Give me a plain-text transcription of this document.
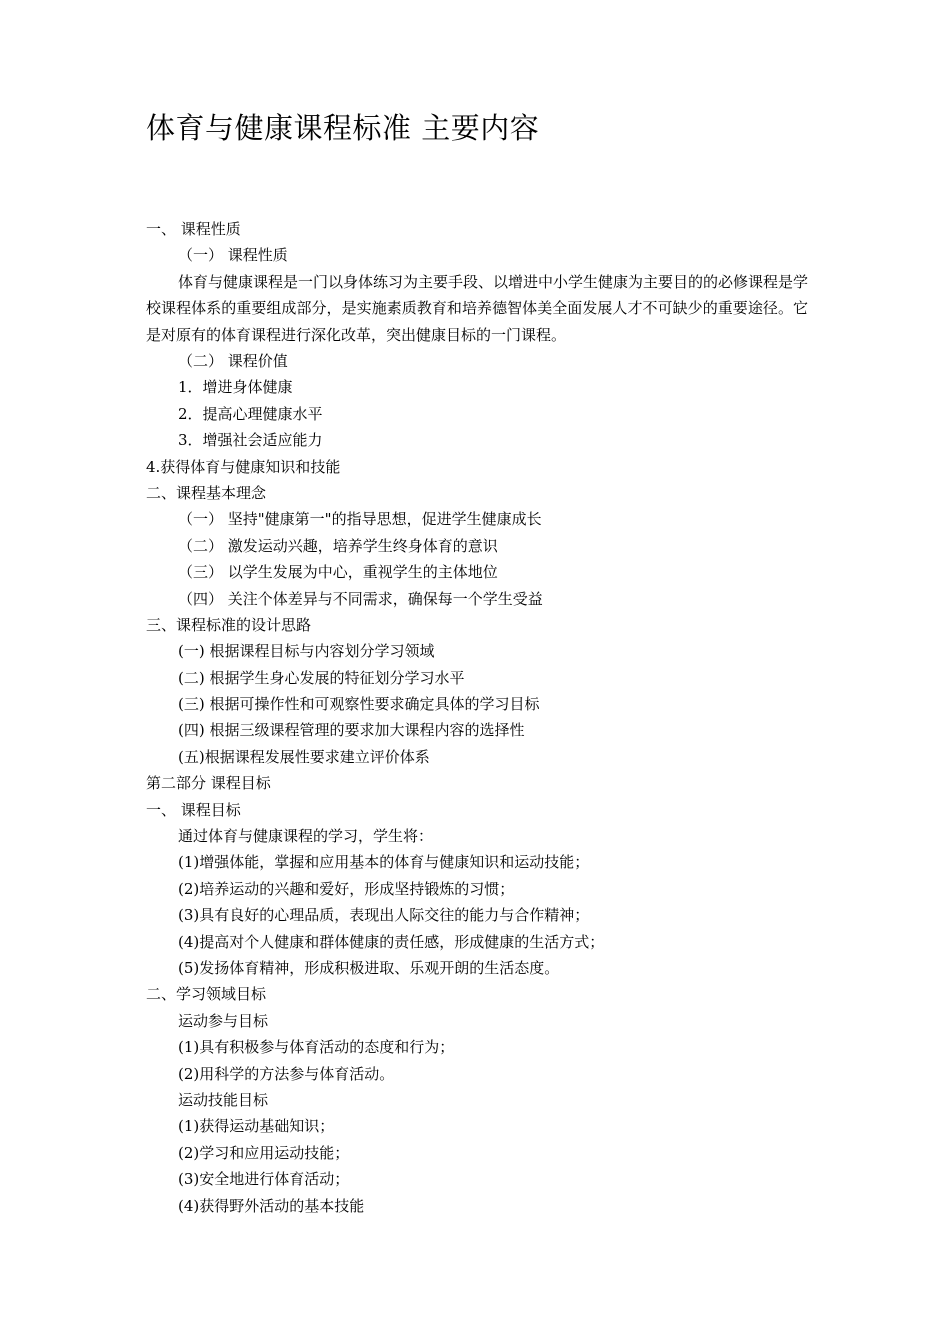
体育与健康课程标准 主要内容
一、 课程性质
（一） 课程性质

体育与健康课程是一门以身体练习为主要手段、以增进中小学生健康为主要目的的必修课程是学校课程体系的重要组成部分，是实施素质教育和培养德智体美全面发展人才不可缺少的重要途径。它是对原有的体育课程进行深化改革，突出健康目标的一门课程。

（二） 课程价值
1．增进身体健康
2．提高心理健康水平
3．增强社会适应能力
4.获得体育与健康知识和技能
二、课程基本理念
（一） 坚持"健康第一"的指导思想，促进学生健康成长
（二） 激发运动兴趣，培养学生终身体育的意识
（三） 以学生发展为中心，重视学生的主体地位
（四） 关注个体差异与不同需求，确保每一个学生受益
三、课程标准的设计思路
(一) 根据课程目标与内容划分学习领域
(二) 根据学生身心发展的特征划分学习水平
(三) 根据可操作性和可观察性要求确定具体的学习目标
(四) 根据三级课程管理的要求加大课程内容的选择性
(五)根据课程发展性要求建立评价体系
第二部分 课程目标
一、 课程目标
通过体育与健康课程的学习，学生将：
(1)增强体能，掌握和应用基本的体育与健康知识和运动技能；
(2)培养运动的兴趣和爱好，形成坚持锻炼的习惯；
(3)具有良好的心理品质，表现出人际交往的能力与合作精神；
(4)提高对个人健康和群体健康的责任感，形成健康的生活方式；
(5)发扬体育精神，形成积极进取、乐观开朗的生活态度。
二、学习领域目标
运动参与目标
(1)具有积极参与体育活动的态度和行为；
(2)用科学的方法参与体育活动。
运动技能目标
(1)获得运动基础知识；
(2)学习和应用运动技能；
(3)安全地进行体育活动；
(4)获得野外活动的基本技能
